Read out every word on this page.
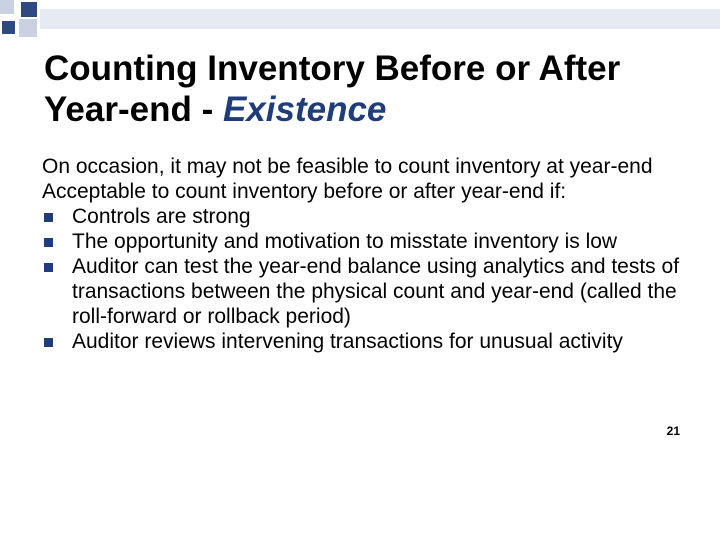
Counting Inventory Before or After Year-end - Existence

On occasion, it may not be feasible to count inventory at year-end

Acceptable to count inventory before or after year-end if:

Controls are strong
The opportunity and motivation to misstate inventory is low
Auditor can test the year-end balance using analytics and tests of transactions between the physical count and year-end (called the roll-forward or rollback period)
Auditor reviews intervening transactions for unusual activity
21
